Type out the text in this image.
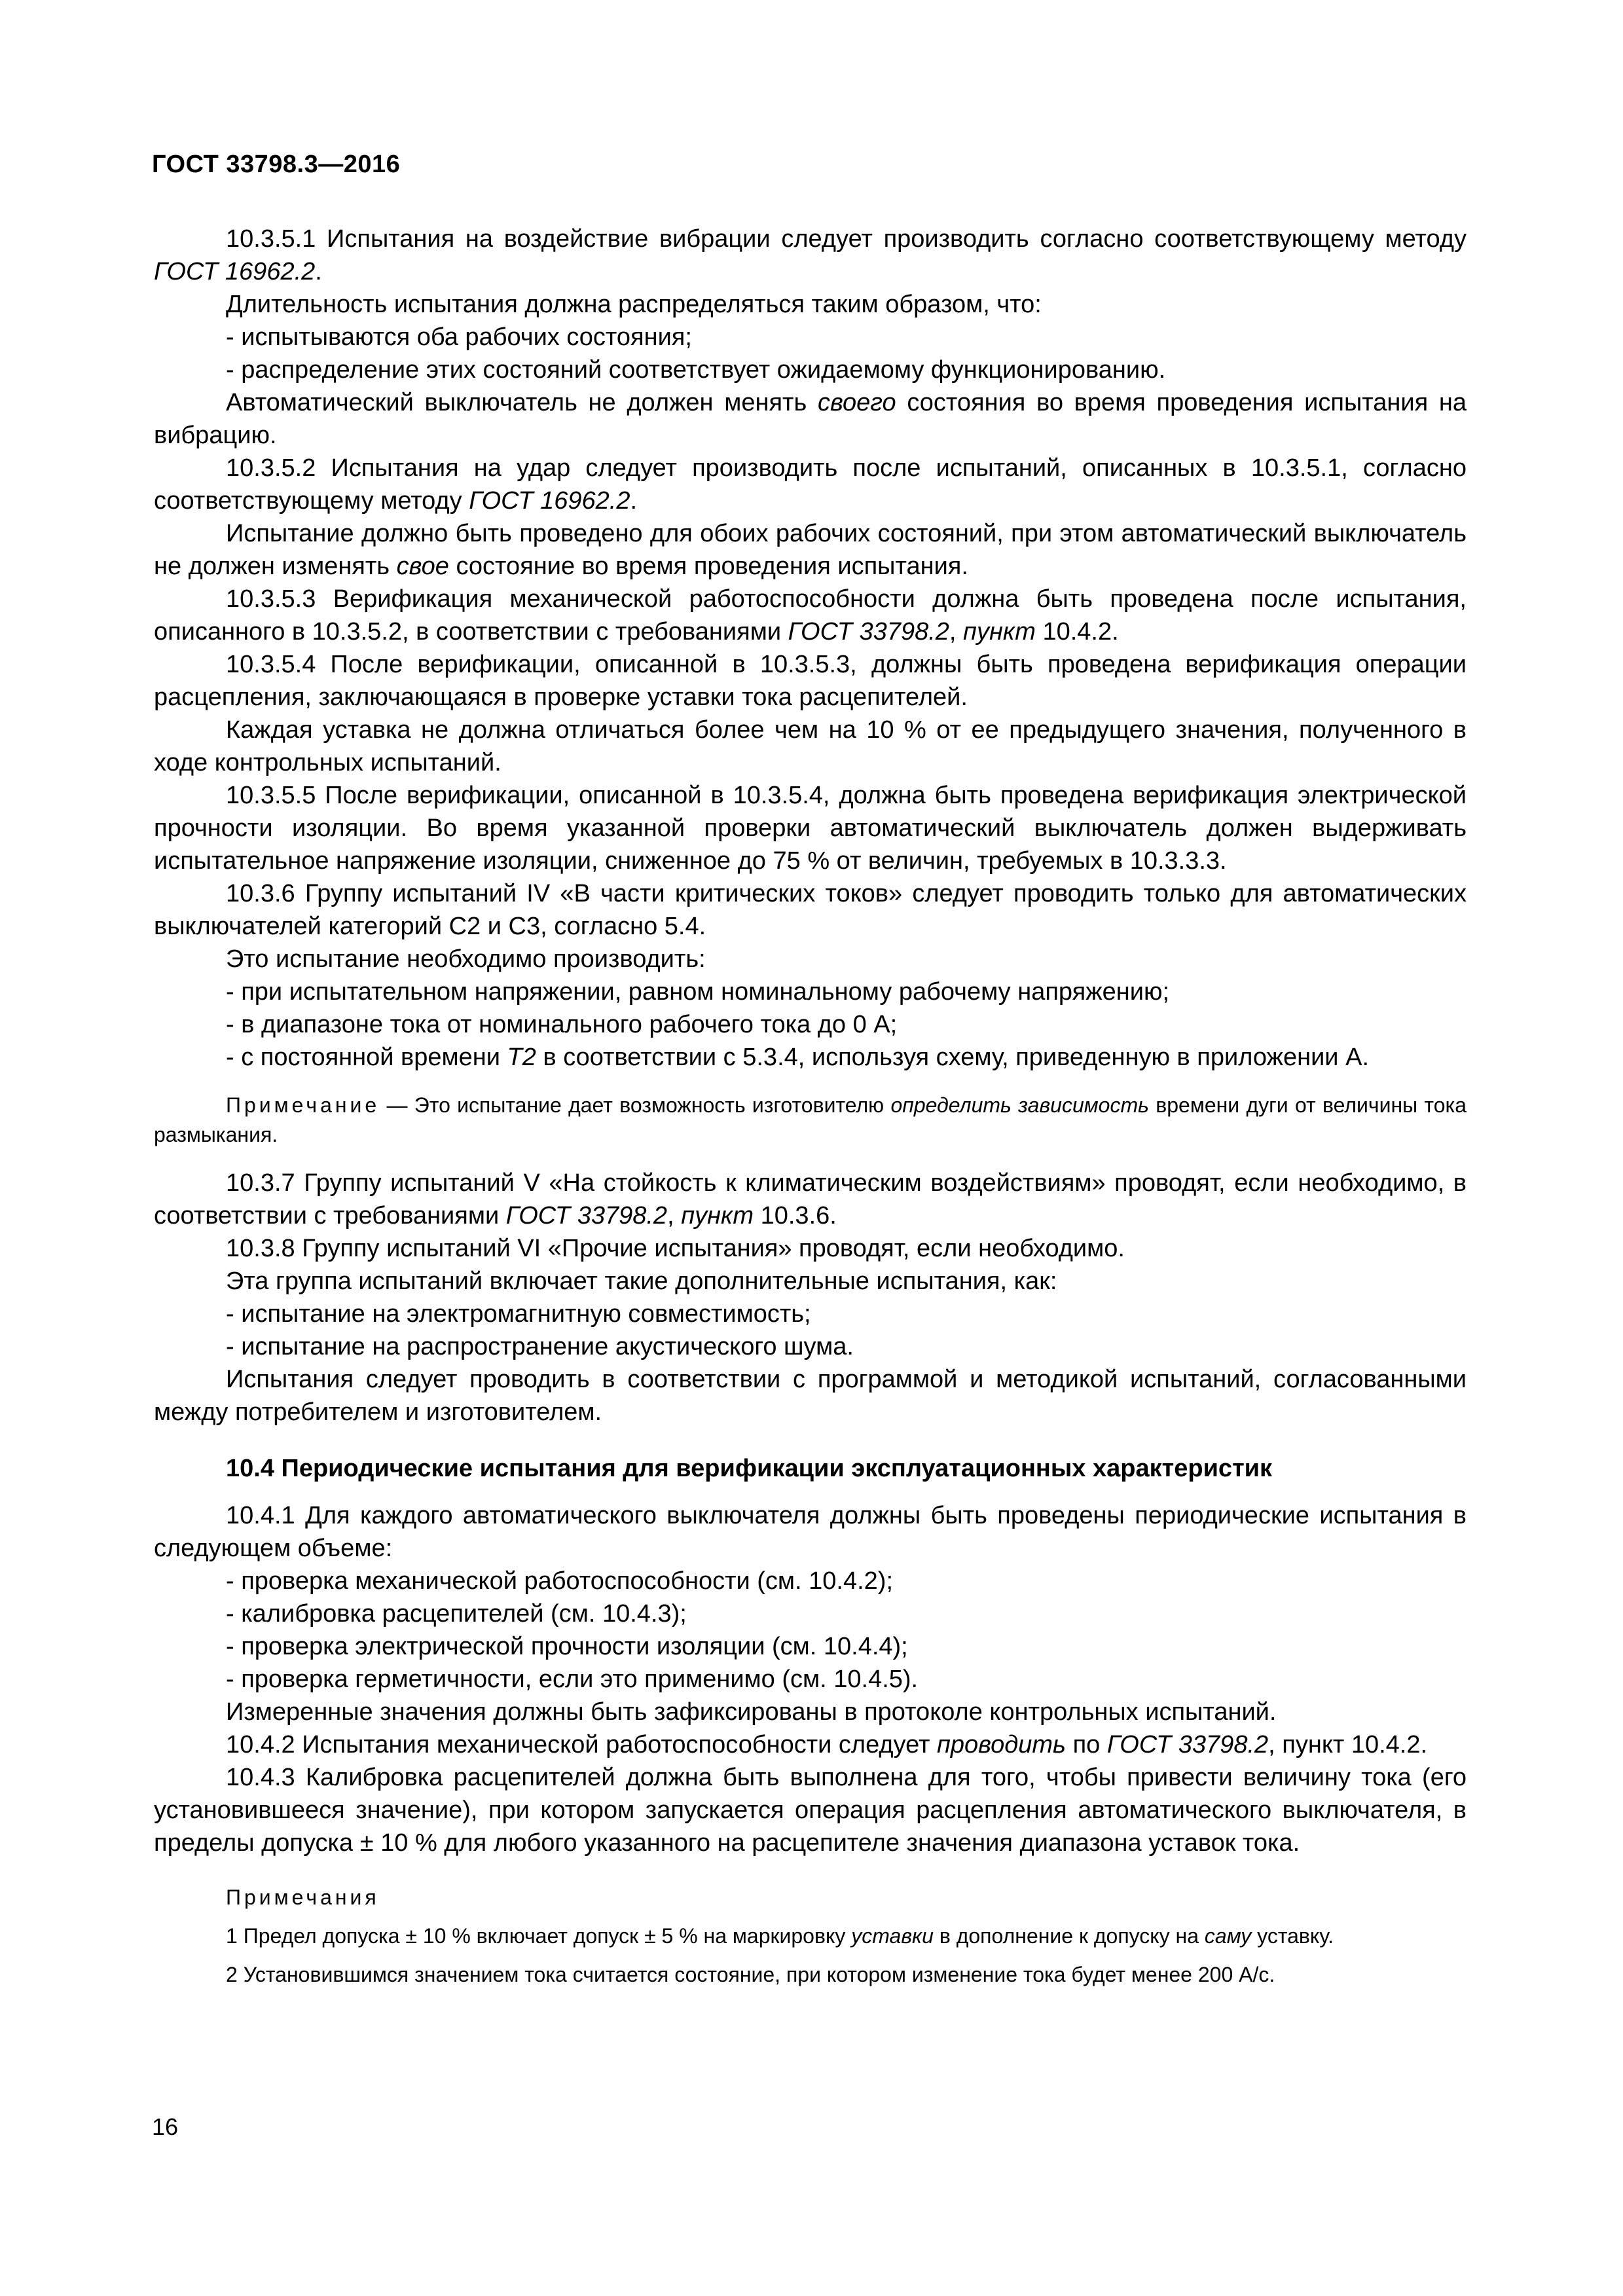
ГОСТ 33798.3—2016

10.3.5.1 Испытания на воздействие вибрации следует производить согласно соответствующему методу ГОСТ 16962.2.

Длительность испытания должна распределяться таким образом, что:

- испытываются оба рабочих состояния;

- распределение этих состояний соответствует ожидаемому функционированию.

Автоматический выключатель не должен менять своего состояния во время проведения испытания на вибрацию.

10.3.5.2 Испытания на удар следует производить после испытаний, описанных в 10.3.5.1, согласно соответствующему методу ГОСТ 16962.2.

Испытание должно быть проведено для обоих рабочих состояний, при этом автоматический выключатель не должен изменять свое состояние во время проведения испытания.

10.3.5.3 Верификация механической работоспособности должна быть проведена после испытания, описанного в 10.3.5.2, в соответствии с требованиями ГОСТ 33798.2, пункт 10.4.2.

10.3.5.4 После верификации, описанной в 10.3.5.3, должны быть проведена верификация операции расцепления, заключающаяся в проверке уставки тока расцепителей.

Каждая уставка не должна отличаться более чем на 10 % от ее предыдущего значения, полученного в ходе контрольных испытаний.

10.3.5.5 После верификации, описанной в 10.3.5.4, должна быть проведена верификация электрической прочности изоляции. Во время указанной проверки автоматический выключатель должен выдерживать испытательное напряжение изоляции, сниженное до 75 % от величин, требуемых в 10.3.3.3.

10.3.6 Группу испытаний IV «В части критических токов» следует проводить только для автоматических выключателей категорий С2 и С3, согласно 5.4.

Это испытание необходимо производить:

- при испытательном напряжении, равном номинальному рабочему напряжению;

- в диапазоне тока от номинального рабочего тока до 0 А;

- с постоянной времени Т2 в соответствии с 5.3.4, используя схему, приведенную в приложении А.

Примечание — Это испытание дает возможность изготовителю определить зависимость времени дуги от величины тока размыкания.

10.3.7 Группу испытаний V «На стойкость к климатическим воздействиям» проводят, если необходимо, в соответствии с требованиями ГОСТ 33798.2, пункт 10.3.6.

10.3.8 Группу испытаний VI «Прочие испытания» проводят, если необходимо.

Эта группа испытаний включает такие дополнительные испытания, как:

- испытание на электромагнитную совместимость;

- испытание на распространение акустического шума.

Испытания следует проводить в соответствии с программой и методикой испытаний, согласованными между потребителем и изготовителем.

10.4 Периодические испытания для верификации эксплуатационных характеристик

10.4.1 Для каждого автоматического выключателя должны быть проведены периодические испытания в следующем объеме:

- проверка механической работоспособности (см. 10.4.2);

- калибровка расцепителей (см. 10.4.3);

- проверка электрической прочности изоляции (см. 10.4.4);

- проверка герметичности, если это применимо (см. 10.4.5).

Измеренные значения должны быть зафиксированы в протоколе контрольных испытаний.

10.4.2 Испытания механической работоспособности следует проводить по ГОСТ 33798.2, пункт 10.4.2.

10.4.3 Калибровка расцепителей должна быть выполнена для того, чтобы привести величину тока (его установившееся значение), при котором запускается операция расцепления автоматического выключателя, в пределы допуска ± 10 % для любого указанного на расцепителе значения диапазона уставок тока.

Примечания

1 Предел допуска ± 10 % включает допуск ± 5 % на маркировку уставки в дополнение к допуску на саму уставку.

2 Установившимся значением тока считается состояние, при котором изменение тока будет менее 200 А/с.

16
